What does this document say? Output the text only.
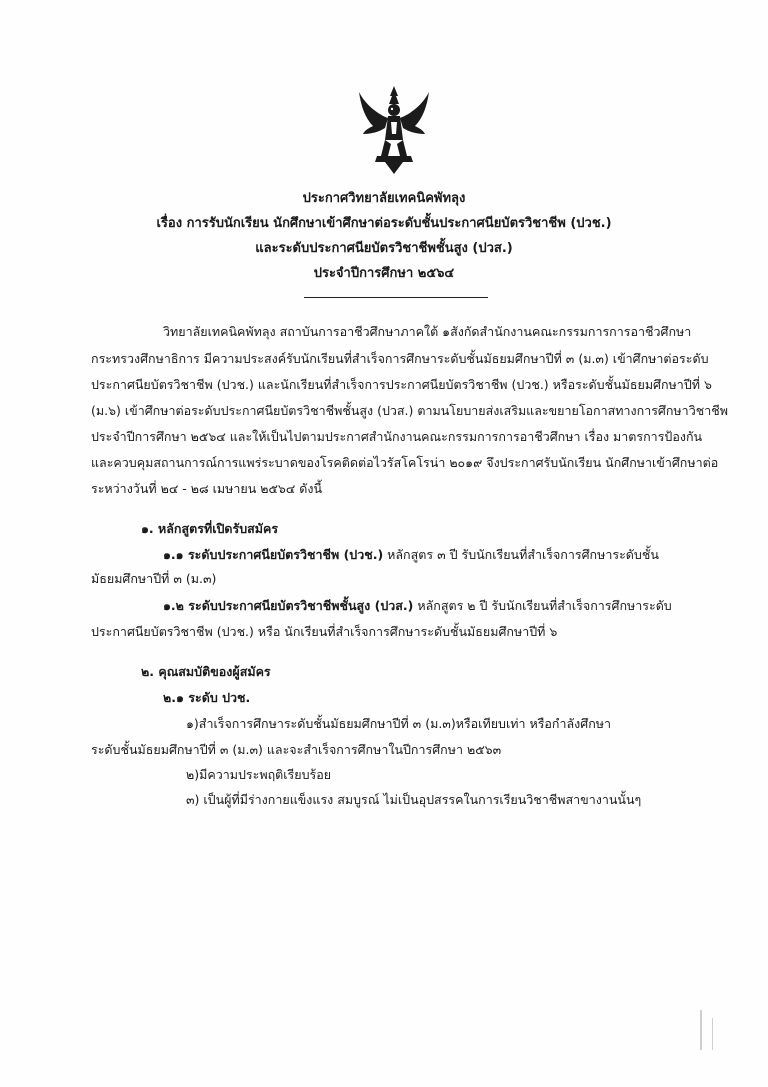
ประกาศวิทยาลัยเทคนิคพัทลุง
เรื่อง การรับนักเรียน นักศึกษาเข้าศึกษาต่อระดับชั้นประกาศนียบัตรวิชาชีพ (ปวช.)
และระดับประกาศนียบัตรวิชาชีพชั้นสูง (ปวส.)
ประจำปีการศึกษา ๒๕๖๔
วิทยาลัยเทคนิคพัทลุง สถาบันการอาชีวศึกษาภาคใต้ ๑สังกัดสำนักงานคณะกรรมการการอาชีวศึกษา
กระทรวงศึกษาธิการ มีความประสงค์รับนักเรียนที่สำเร็จการศึกษาระดับชั้นมัธยมศึกษาปีที่ ๓ (ม.๓) เข้าศึกษาต่อระดับ
ประกาศนียบัตรวิชาชีพ (ปวช.) และนักเรียนที่สำเร็จการประกาศนียบัตรวิชาชีพ (ปวช.) หรือระดับชั้นมัธยมศึกษาปีที่ ๖
(ม.๖) เข้าศึกษาต่อระดับประกาศนียบัตรวิชาชีพชั้นสูง (ปวส.) ตามนโยบายส่งเสริมและขยายโอกาสทางการศึกษาวิชาชีพ
ประจำปีการศึกษา ๒๕๖๔ และให้เป็นไปตามประกาศสำนักงานคณะกรรมการการอาชีวศึกษา เรื่อง มาตรการป้องกัน
และควบคุมสถานการณ์การแพร่ระบาดของโรคติดต่อไวรัสโคโรน่า ๒๐๑๙ จึงประกาศรับนักเรียน นักศึกษาเข้าศึกษาต่อ
ระหว่างวันที่ ๒๔ - ๒๘ เมษายน ๒๕๖๔ ดังนี้
๑. หลักสูตรที่เปิดรับสมัคร
๑.๑ ระดับประกาศนียบัตรวิชาชีพ (ปวช.) หลักสูตร ๓ ปี รับนักเรียนที่สำเร็จการศึกษาระดับชั้น
มัธยมศึกษาปีที่ ๓ (ม.๓)
๑.๒ ระดับประกาศนียบัตรวิชาชีพชั้นสูง (ปวส.) หลักสูตร ๒ ปี รับนักเรียนที่สำเร็จการศึกษาระดับ
ประกาศนียบัตรวิชาชีพ (ปวช.) หรือ นักเรียนที่สำเร็จการศึกษาระดับชั้นมัธยมศึกษาปีที่ ๖
๒. คุณสมบัติของผู้สมัคร
๒.๑ ระดับ ปวช.
๑)สำเร็จการศึกษาระดับชั้นมัธยมศึกษาปีที่ ๓ (ม.๓)หรือเทียบเท่า หรือกำลังศึกษา
ระดับชั้นมัธยมศึกษาปีที่ ๓ (ม.๓) และจะสำเร็จการศึกษาในปีการศึกษา ๒๕๖๓
๒)มีความประพฤติเรียบร้อย
๓) เป็นผู้ที่มีร่างกายแข็งแรง สมบูรณ์ ไม่เป็นอุปสรรคในการเรียนวิชาชีพสาขางานนั้นๆ
